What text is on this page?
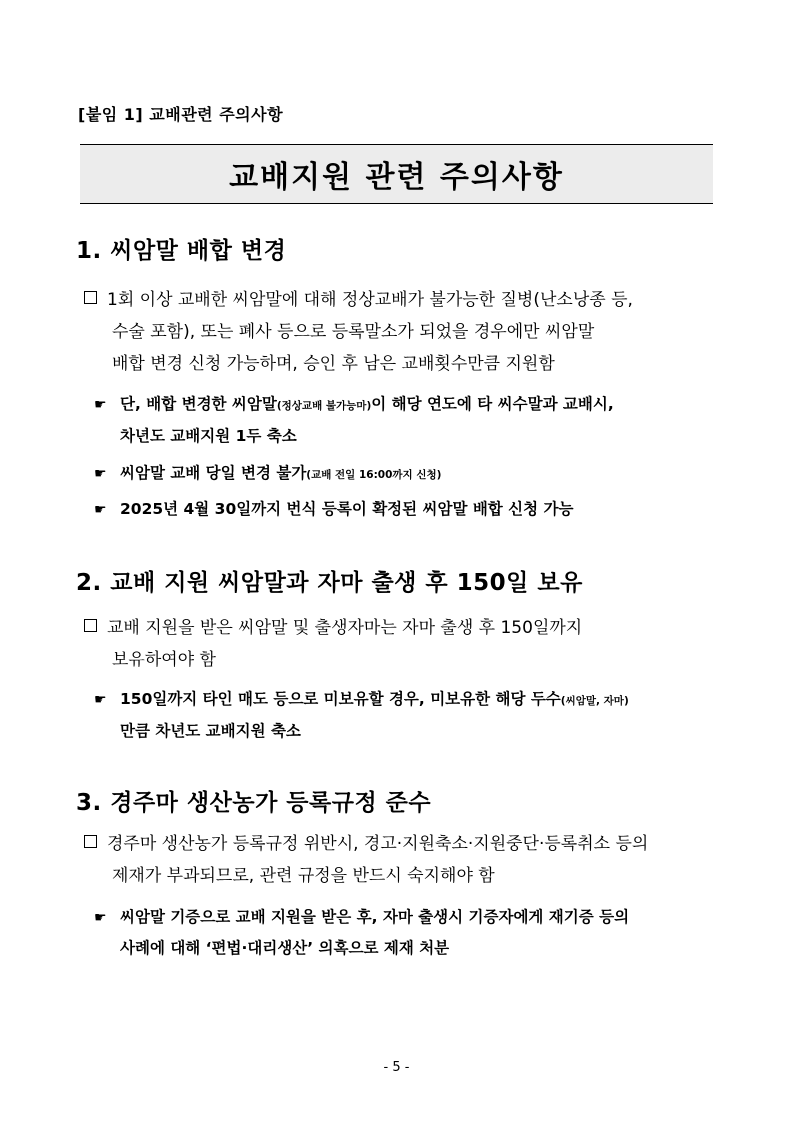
[붙임 1] 교배관련 주의사항
교배지원 관련 주의사항
1. 씨암말 배합 변경
1회 이상 교배한 씨암말에 대해 정상교배가 불가능한 질병(난소낭종 등,
수술 포함), 또는 폐사 등으로 등록말소가 되었을 경우에만 씨암말
배합 변경 신청 가능하며, 승인 후 남은 교배횟수만큼 지원함
☛ 단, 배합 변경한 씨암말(정상교배 불가능마)이 해당 연도에 타 씨수말과 교배시,
차년도 교배지원 1두 축소
☛ 씨암말 교배 당일 변경 불가(교배 전일 16:00까지 신청)
☛ 2025년 4월 30일까지 번식 등록이 확정된 씨암말 배합 신청 가능
2. 교배 지원 씨암말과 자마 출생 후 150일 보유
교배 지원을 받은 씨암말 및 출생자마는 자마 출생 후 150일까지
보유하여야 함
☛ 150일까지 타인 매도 등으로 미보유할 경우, 미보유한 해당 두수(씨암말, 자마)
만큼 차년도 교배지원 축소
3. 경주마 생산농가 등록규정 준수
경주마 생산농가 등록규정 위반시, 경고·지원축소·지원중단·등록취소 등의
제재가 부과되므로, 관련 규정을 반드시 숙지해야 함
☛ 씨암말 기증으로 교배 지원을 받은 후, 자마 출생시 기증자에게 재기증 등의
사례에 대해 ‘편법·대리생산’ 의혹으로 제재 처분
- 5 -
